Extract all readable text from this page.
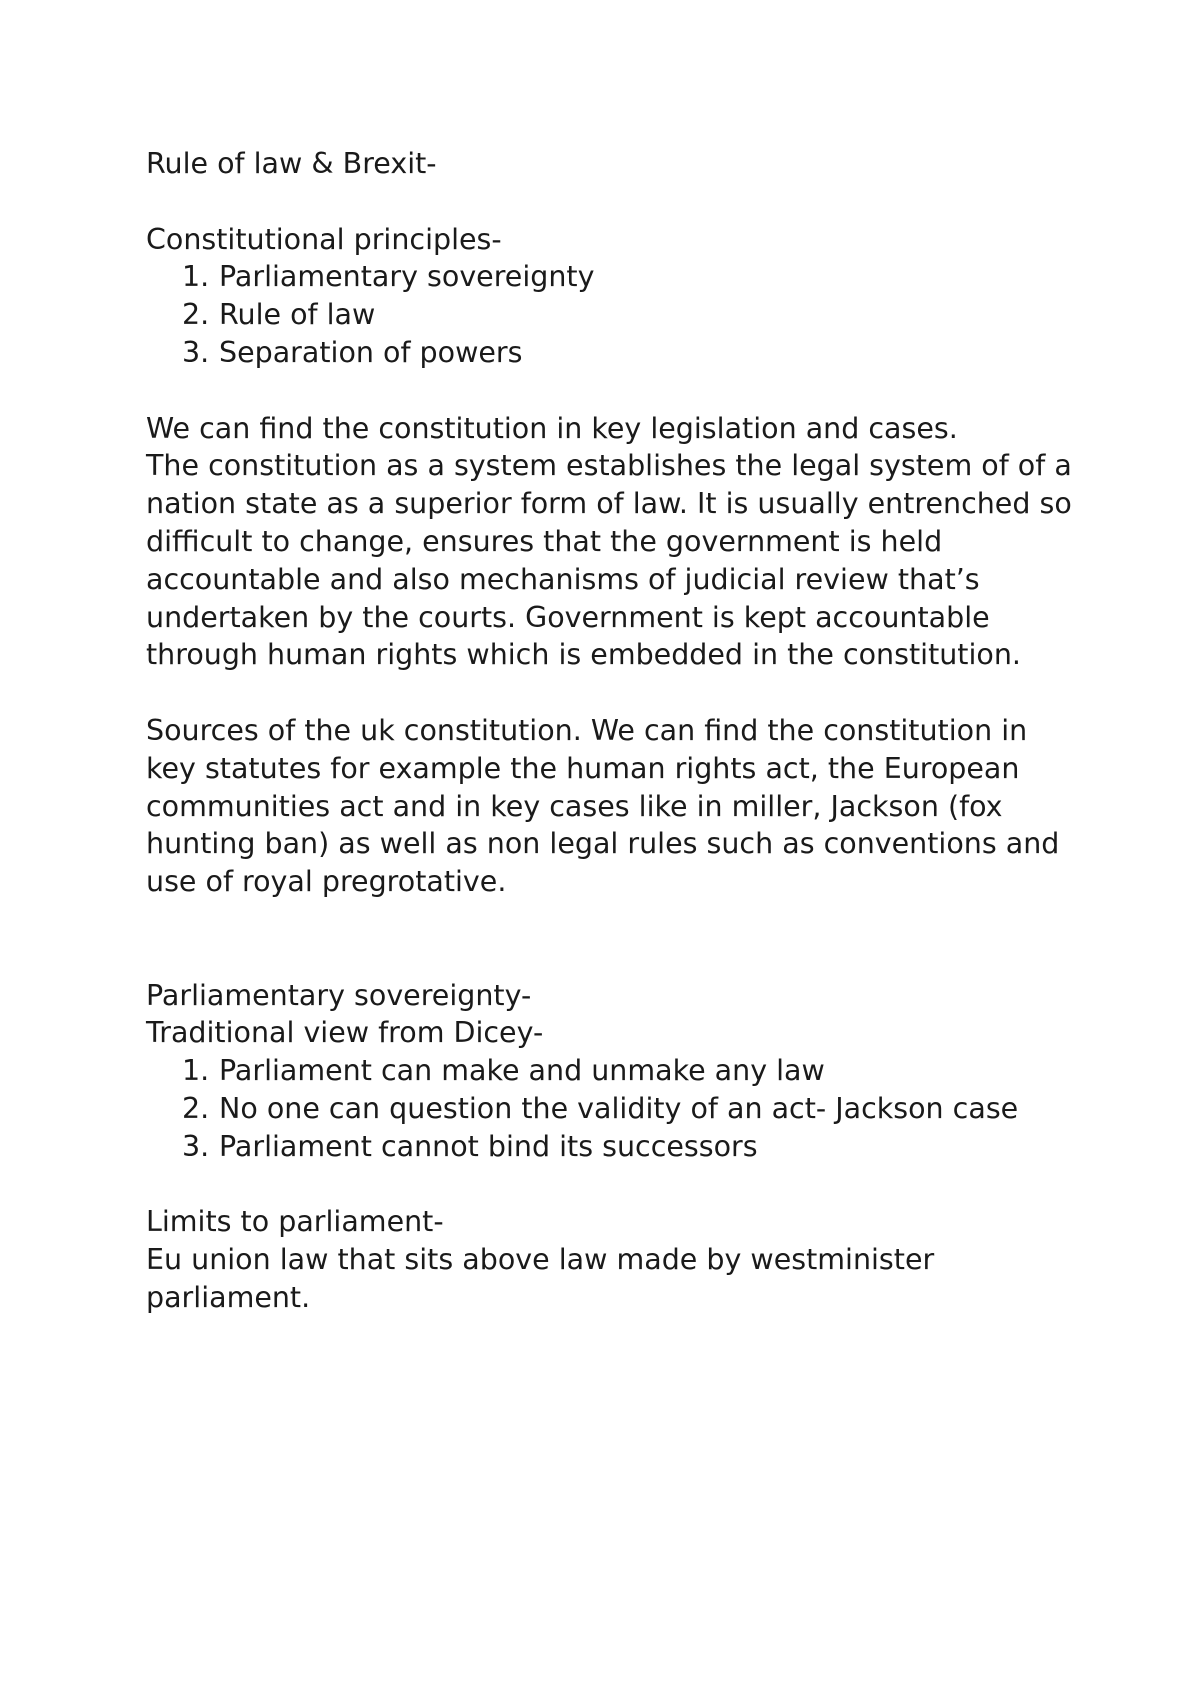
Rule of law & Brexit-

Constitutional principles-

1. Parliamentary sovereignty
2. Rule of law
3. Separation of powers

We can find the constitution in key legislation and cases.

The constitution as a system establishes the legal system of of a nation state as a superior form of law. It is usually entrenched so difficult to change, ensures that the government is held accountable and also mechanisms of judicial review that’s undertaken by the courts. Government is kept accountable through human rights which is embedded in the constitution.

Sources of the uk constitution. We can find the constitution in key statutes for example the human rights act, the European communities act and in key cases like in miller, Jackson (fox hunting ban) as well as non legal rules such as conventions and use of royal pregrotative.

Parliamentary sovereignty-

Traditional view from Dicey-

1. Parliament can make and unmake any law
2. No one can question the validity of an act- Jackson case
3. Parliament cannot bind its successors

Limits to parliament-

Eu union law that sits above law made by westminister parliament.
